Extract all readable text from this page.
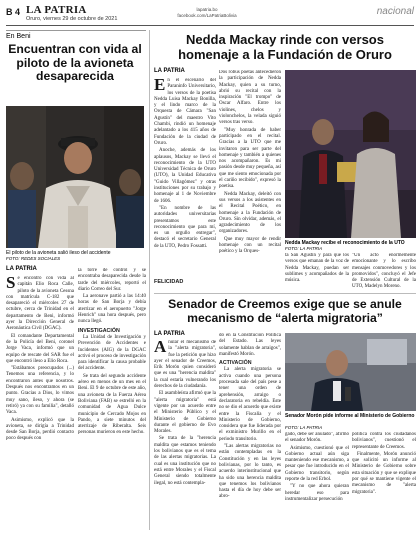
B 4 LA PATRIA
Oruro, viernes 29 de octubre de 2021
lapatria.bo
facebook.com/LaPatriaBolivia	nacional
En Beni
Encuentran con vida al piloto de la avioneta desaparecida
El piloto de la avioneta salió ileso del accidente
FOTO: REDES SOCIALES
LA PATRIA

Se encontró con vida al capitán Elio Roca Calle, piloto de la avioneta Cessna con matrícula C-182 que desapareció el miércoles 27 de octubre, cerca de Trinidad en el departamento de Beni, informó ayer la Dirección General de Aeronáutica Civil (DGAC).

El comandante Departamental de la Policía del Beni, coronel Jorge Vaca, informó que un equipo de rescate del SAR fue el que encontró ileso a Elio Roca.

"Estábamos preocupados (...) Tenemos una referencia, y lo encontraron antes que nosotros. Después nos encontramos en un punto. Gracias a Dios, lo vimos muy sano, ileso, y ahora (se retiró) ya con su familia", detalló Vaca.

Asimismo, explicó que la avioneta, se dirigía a Trinidad desde San Borja, perdió contacto poco después con

la torre de control y se encontraba desaparecida desde la tarde del miércoles, reportó el diario Correo del Sur.

La aeronave partió a las 14:40 horas de San Borja y debía aterrizar en el aeropuerto "Jorge Henrich" una hora después, pero nunca llegó.

INVESTIGACIÓN

La Unidad de Investigación y Prevención de Accidentes e Incidentes (AIG) de la DGAC activó el proceso de investigación para identificar la causa probable del accidente.

Se trata del segundo accidente aéreo en menos de un mes en el Beni. El 9 de octubre de este año, una avioneta de la Fuerza Aérea Boliviana (FAB) se estrelló en la comunidad de Agua Dulce municipio de Cercado Mojos en Pando, a siete minutos del aterrizaje de Riberalta. Seis personas murieron en este hecho.

Nedda Mackay rinde con versos homenaje a la Fundación de Oruro
LA PATRIA

En el escenario del Paraninfo Universitario, los versos de la poetisa Nedda Luisa Mackay Bonilla, y el lindo marco de la Orquesta de Cámara "San Agustín" del maestro Vito Chambi, rindió un homenaje adelantado a los 415 años de Fundación de la ciudad de Oruro.

Anoche, además de los aplausos, Mackay se llevó el reconocimiento de la UTO Universidad Técnica de Oruro (UTO), la Unidad Educativa "Guido Villagómez" y otras instituciones por su trabajo y homenaje al 1 de Noviembre de 1606.

"En nombre de las autoridades universitarias presentamos este reconocimiento que para mí, es un orgullo entregar", destacó el secretario General de la UTO, Pedro Fossatti.

FELICIDAD

Dos robus poetas antecedieron la participación de Nedda Mackay, quien a su turno, abrió su recital con la inspiración "El trompo" de Oscar Alfaro. Entre los violines, chelos y violonchelos, la velada siguió versos tras verso.

"Muy honrada de haber participado en el recital. Gracias a la UTO que me invitaron para ser parte del homenaje y también a quienes nos acompañaron. Es mi pasión desde muy pequeña, así que me siento emocionada por el cariño recibido", expresó la poetisa.

Nedda Mackay, deleitó con sus versos a los asistentes en el Recital Poético, en homenaje a la Fundación de Oruro. Sin olvidar, además, el agradecimiento de los organizadores.

Que muy mayor de rendir homenaje con un recital poético y la Orques-

Nedda Mackay recibe el reconocimiento de la UTO
FOTO: LA PATRIA

ta San Agustín y para que los versos que emanan de la voz de Nedda Mackay, puedan ser sublimes y acompañados de la música.

"Un acto enormemente emocionante y lo escribo mensajes conmovedores y los promovidos", concluyó el Jefe de Extensión Cultural de la UTO, Madelyn Moreno.

Senador de Creemos exige que se anule mecanismo de “alerta migratoria”
LA PATRIA

Anular el mecanismo de la "alerta migratoria", fue la petición que hizo ayer el senador de Creemos, Erik Morón quien consideró que es una "herencia maldita" la cual estaría vulnerando los derechos de la ciudadanía.

El asambleísta afirmó que la "alerta migratoria" está vigente por un acuerdo entre el Ministerio Público y el Ministerio de Gobierno durante el gobierno de Evo Morales.

Se trata de la "herencia maldita que estamos teniendo los bolivianos que es el tema de las alertas migratorias. La cual es una institución que no está entre Morales y el Fiscal General siendo totalmente ilegal, no está contempla-

do en la Constitución Política del Estado. Las leyes solamente hablan de arraigos", manifestó Morón.

ACTIVACIÓN

La alerta migratoria se activa cuando una persona procesada sale del país pese a tener una orden de aprehensión, arraigo o declaratoria en rebeldía. Este no se dio el acuerdo que existe entre la Fiscalía y el Ministerio de Gobierno, considera que fue liderada por el exministro Murillo en el periodo transitorio.

"Las alertas migratorias no están contempladas en la Constitución y en las leyes bolivianas, por lo tanto, es acuerdo interinstitucional que ha sido una herencia maldita que tenemos los bolivianos hasta el día de hoy debe ser abro-

Senador Morón pide informe al Ministerio de Gobierno
FOTO: LA PATRIA

gado, debe ser anulado", afirmó el senador Morón.

Asimismo, cuestionó que el Gobierno actual aún siga manteniendo ese mecanismo, a pesar que fue introducido en el Gobierno transitorio, según reporte de la red Erbol.

"Y no que ahora quieran heredar eso para instrumentalizar persecución

política contra los ciudadanos bolivianos", cuestionó el representante de Creemos.

Finalmente, Morón anunció que solicitó un informe al Ministerio de Gobierno sobre esta situación y que se explique por qué se mantiene vigente el mecanismo de "alerta migratoria".
